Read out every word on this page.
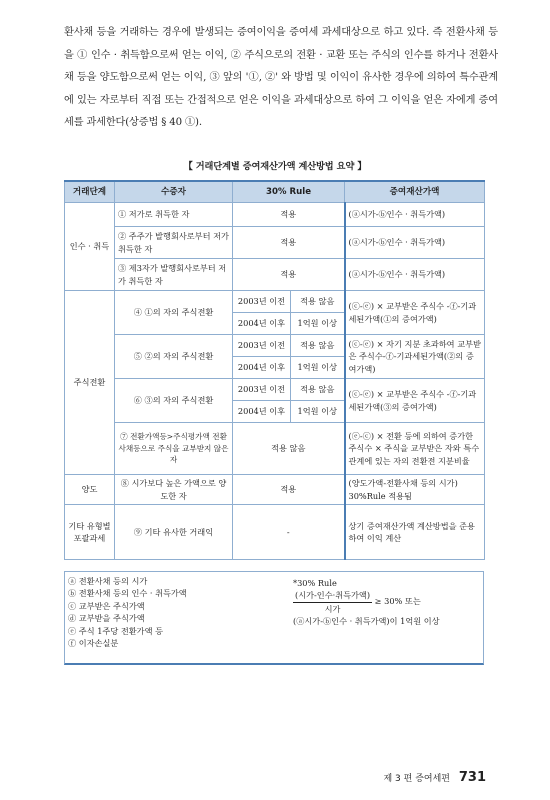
환사채 등을 거래하는 경우에 발생되는 증여이익을 증여세 과세대상으로 하고 있다. 즉 전환사채 등을 ① 인수 · 취득함으로써 얻는 이익, ② 주식으로의 전환 · 교환 또는 주식의 인수를 하거나 전환사채 등을 양도함으로써 얻는 이익, ③ 앞의 '①, ②' 와 방법 및 이익이 유사한 경우에 의하여 특수관계에 있는 자로부터 직접 또는 간접적으로 얻은 이익을 과세대상으로 하여 그 이익을 얻은 자에게 증여세를 과세한다(상증법 § 40 ①).

【 거래단계별 증여재산가액 계산방법 요약 】
거래단계	수증자	30% Rule		증여재산가액
인수 · 취득	① 저가로 취득한 자	적용		(ⓐ시가-ⓑ인수 · 취득가액)
	② 주주가 발행회사로부터 저가 취득한 자	적용		(ⓐ시가-ⓑ인수 · 취득가액)
	③ 제3자가 발행회사로부터 저가 취득한 자	적용		(ⓐ시가-ⓑ인수 · 취득가액)
주식전환	④ ①의 자의 주식전환	2003년 이전	적용 않음	(ⓒ-ⓔ) × 교부받은 주식수 -ⓕ-기과세된가액(①의 증여가액)
		2004년 이후	1억원 이상	
	⑤ ②의 자의 주식전환	2003년 이전	적용 않음	(ⓒ-ⓔ) × 자기 지분 초과하여 교부받은 주식수-ⓕ-기과세된가액(②의 증여가액)
		2004년 이후	1억원 이상	
	⑥ ③의 자의 주식전환	2003년 이전	적용 않음	(ⓒ-ⓔ) × 교부받은 주식수 -ⓕ-기과세된가액(③의 증여가액)
		2004년 이후	1억원 이상	
	⑦ 전환가액등>주식평가액 전환사채등으로 주식을 교부받지 않은 자	적용 않음		(ⓔ-ⓒ) × 전환 등에 의하여 증가한 주식수 × 주식을 교부받은 자와 특수관계에 있는 자의 전환전 지분비율
양도	⑧ 시가보다 높은 가액으로 양도한 자	적용		(양도가액-전환사채 등의 시가) 30%Rule 적용됨
기타 유형별 포괄과세	⑨ 기타 유사한 거래익	-		상기 증여재산가액 계산방법을 준용하여 이익 계산
ⓐ 전환사채 등의 시가
ⓑ 전환사채 등의 인수 · 취득가액
ⓒ 교부받은 주식가액
ⓓ 교부받을 주식가액
ⓔ 주식 1주당 전환가액 등
ⓕ 이자손실분
*30% Rule
$\frac{\text{(시가-인수·취득가액)}}{\text{시가}} \ge 30\%$ 또는
(ⓐ시가-ⓑ인수 · 취득가액)이 1억원 이상
제 3 편 증여세편 731
